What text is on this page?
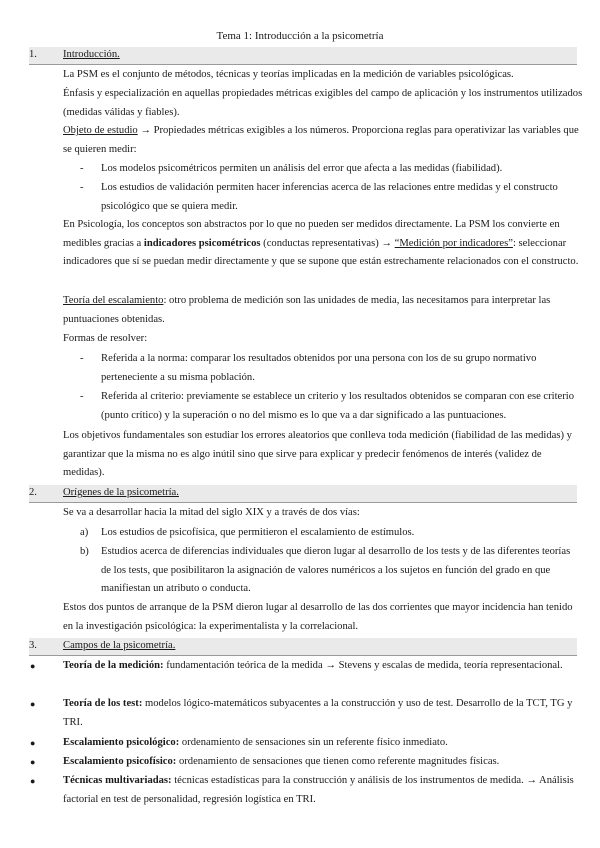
Tema 1: Introducción a la psicometría
1.	Introducción.
La PSM es el conjunto de métodos, técnicas y teorías implicadas en la medición de variables psicológicas.
Énfasis y especialización en aquellas propiedades métricas exigibles del campo de aplicación y los instrumentos utilizados (medidas válidas y fiables).
Objeto de estudio → Propiedades métricas exigibles a los números. Proporciona reglas para operativizar las variables que se quieren medir:
- Los modelos psicométricos permiten un análisis del error que afecta a las medidas (fiabilidad).
- Los estudios de validación permiten hacer inferencias acerca de las relaciones entre medidas y el constructo psicológico que se quiera medir.
En Psicología, los conceptos son abstractos por lo que no pueden ser medidos directamente. La PSM los convierte en medibles gracias a indicadores psicométricos (conductas representativas) → “Medición por indicadores”: seleccionar indicadores que sí se puedan medir directamente y que se supone que están estrechamente relacionados con el constructo.
Teoría del escalamiento: otro problema de medición son las unidades de media, las necesitamos para interpretar las puntuaciones obtenidas.
Formas de resolver:
- Referida a la norma: comparar los resultados obtenidos por una persona con los de su grupo normativo perteneciente a su misma población.
- Referida al criterio: previamente se establece un criterio y los resultados obtenidos se comparan con ese criterio (punto crítico) y la superación o no del mismo es lo que va a dar significado a las puntuaciones.
Los objetivos fundamentales son estudiar los errores aleatorios que conlleva toda medición (fiabilidad de las medidas) y garantizar que la misma no es algo inútil sino que sirve para explicar y predecir fenómenos de interés (validez de medidas).
2.	Orígenes de la psicometría.
Se va a desarrollar hacia la mitad del siglo XIX y a través de dos vías:
a) Los estudios de psicofísica, que permitieron el escalamiento de estímulos.
b) Estudios acerca de diferencias individuales que dieron lugar al desarrollo de los tests y de las diferentes teorías de los tests, que posibilitaron la asignación de valores numéricos a los sujetos en función del grado en que manifiestan un atributo o conducta.
Estos dos puntos de arranque de la PSM dieron lugar al desarrollo de las dos corrientes que mayor incidencia han tenido en la investigación psicológica: la experimentalista y la correlacional.
3.	Campos de la psicometría.
●	Teoría de la medición: fundamentación teórica de la medida → Stevens y escalas de medida, teoría representacional.
●	Teoría de los test: modelos lógico-matemáticos subyacentes a la construcción y uso de test. Desarrollo de la TCT, TG y TRI.
●	Escalamiento psicológico: ordenamiento de sensaciones sin un referente físico inmediato.
●	Escalamiento psicofísico: ordenamiento de sensaciones que tienen como referente magnitudes físicas.
●	Técnicas multivariadas: técnicas estadísticas para la construcción y análisis de los instrumentos de medida. → Análisis factorial en test de personalidad, regresión logística en TRI.
